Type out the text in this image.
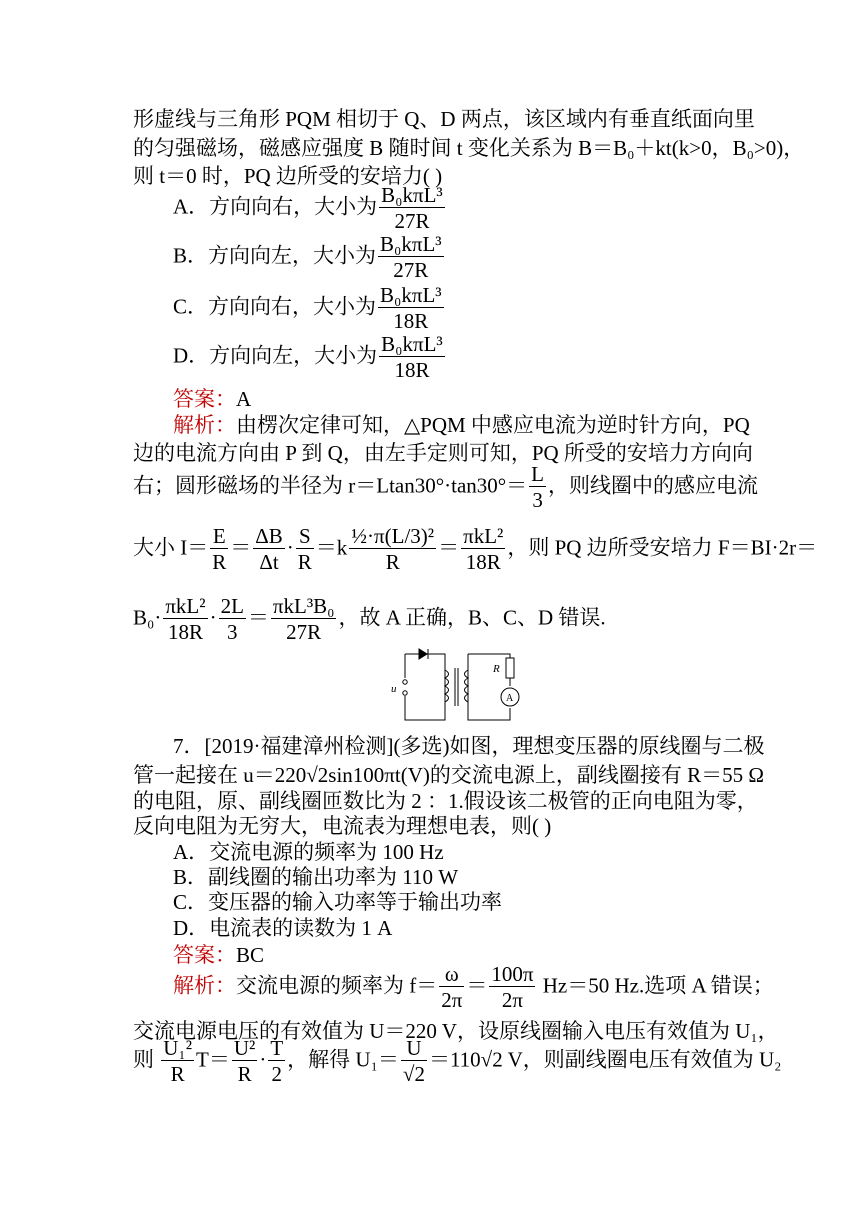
形虚线与三角形 PQM 相切于 Q、D 两点，该区域内有垂直纸面向里
的匀强磁场，磁感应强度 B 随时间 t 变化关系为 B＝B₀＋kt(k>0，B₀>0)，
则 t＝0 时，PQ 边所受的安培力( )
A．方向向右，大小为 $\frac{\text{B₀kπL³}}{27R}$
B．方向向左，大小为 $\frac{\text{B₀kπL³}}{27R}$
C．方向向右，大小为 $\frac{\text{B₀kπL³}}{18R}$
D．方向向左，大小为 $\frac{\text{B₀kπL³}}{18R}$
答案：A
解析：由楞次定律可知，△PQM 中感应电流为逆时针方向，PQ
边的电流方向由 P 到 Q，由左手定则可知，PQ 所受的安培力方向向
右；圆形磁场的半径为 $r=Ltan30^\circ\cdot\tan 30^\circ= \frac{L}{3}$ ，则线圈中的感应电流
大小 $I= \frac{E}{R} = \frac{\Delta B}{\Delta t} \cdot \frac{S}{R} =k \frac{\text{½·π(L/3)²}}{R} = \frac{\text{πkL²}}{18R}$ ，则 PQ 边所受安培力 F＝BI·2r＝
$B_0\cdot \frac{\text{πkL²}}{18R} \cdot \frac{2L}{3} = \frac{\text{πkL³B₀}}{27R}$ ，故 A 正确，B、C、D 错误.
u
R
A
7．[2019·福建漳州检测](多选)如图，理想变压器的原线圈与二极
管一起接在 u＝220√2sin100πt(V)的交流电源上，副线圈接有 R＝55 Ω
的电阻，原、副线圈匝数比为 2 ：1.假设该二极管的正向电阻为零，
反向电阻为无穷大，电流表为理想电表，则( )
A．交流电源的频率为 100 Hz
B．副线圈的输出功率为 110 W
C．变压器的输入功率等于输出功率
D．电流表的读数为 1 A
答案：BC
解析：交流电源的频率为 $f= \frac{\omega}{2\pi} = \frac{100\pi}{2\pi} Hz=50$ Hz.选项 A 错误；
交流电源电压的有效值为 U＝220 V，设原线圈输入电压有效值为 U₁，
则 $\frac{\text{U₁²}}{R} T= \frac{\text{U²}}{R} \cdot \frac{T}{2}$ ，解得 $U_1= \frac{U}{√2} =110√2$ V，则副线圈电压有效值为 U₂
